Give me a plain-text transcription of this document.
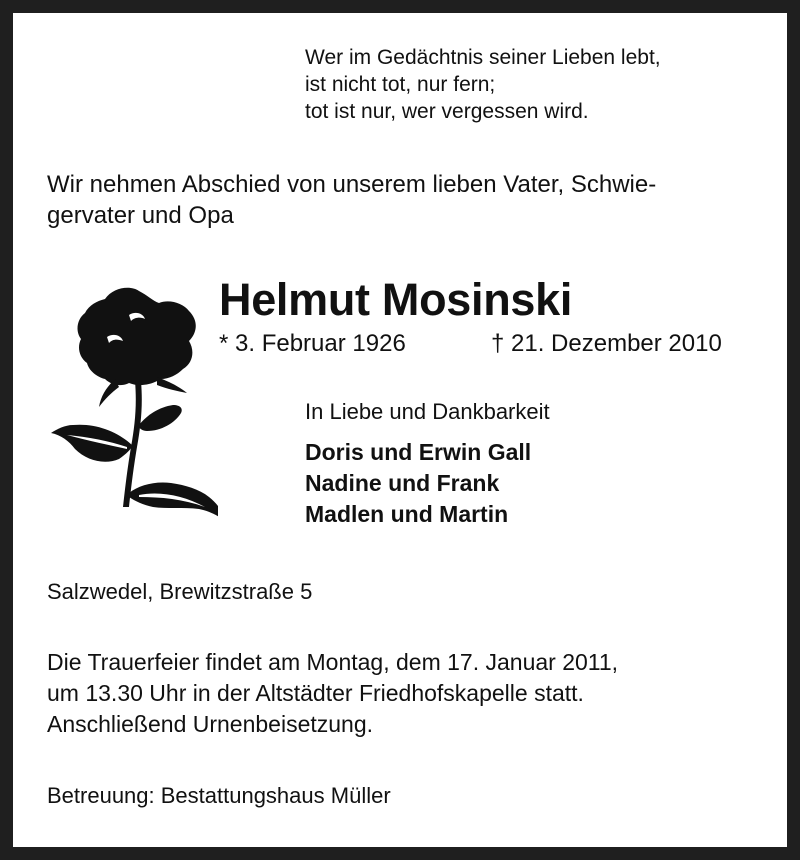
Wer im Gedächtnis seiner Lieben lebt,
ist nicht tot, nur fern;
tot ist nur, wer vergessen wird.
Wir nehmen Abschied von unserem lieben Vater, Schwie-
gervater und Opa
Helmut Mosinski
* 3. Februar 1926	† 21. Dezember 2010
In Liebe und Dankbarkeit
Doris und Erwin Gall
Nadine und Frank
Madlen und Martin
Salzwedel, Brewitzstraße 5
Die Trauerfeier findet am Montag, dem 17. Januar 2011,
um 13.30 Uhr in der Altstädter Friedhofskapelle statt.
Anschließend Urnenbeisetzung.
Betreuung: Bestattungshaus Müller
